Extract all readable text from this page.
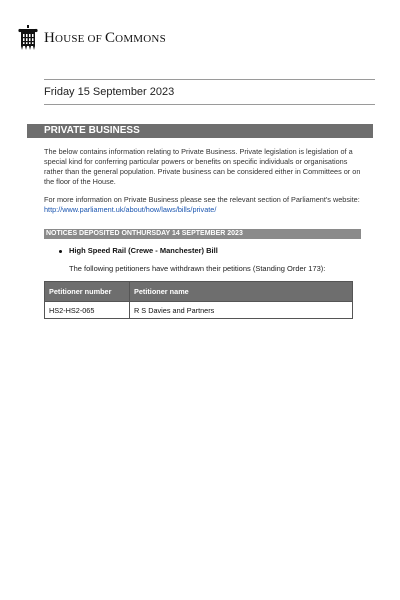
HOUSE OF COMMONS
Friday 15 September 2023
PRIVATE BUSINESS
The below contains information relating to Private Business. Private legislation is legislation of a special kind for conferring particular powers or benefits on specific individuals or organisations rather than the general population. Private business can be considered either in Committees or on the floor of the House.
For more information on Private Business please see the relevant section of Parliament's website: http://www.parliament.uk/about/how/laws/bills/private/
NOTICES DEPOSITED ONTHURSDAY 14 SEPTEMBER 2023
High Speed Rail (Crewe - Manchester) Bill
The following petitioners have withdrawn their petitions (Standing Order 173):
Petitioner number	Petitioner name
HS2-HS2-065	R S Davies and Partners
